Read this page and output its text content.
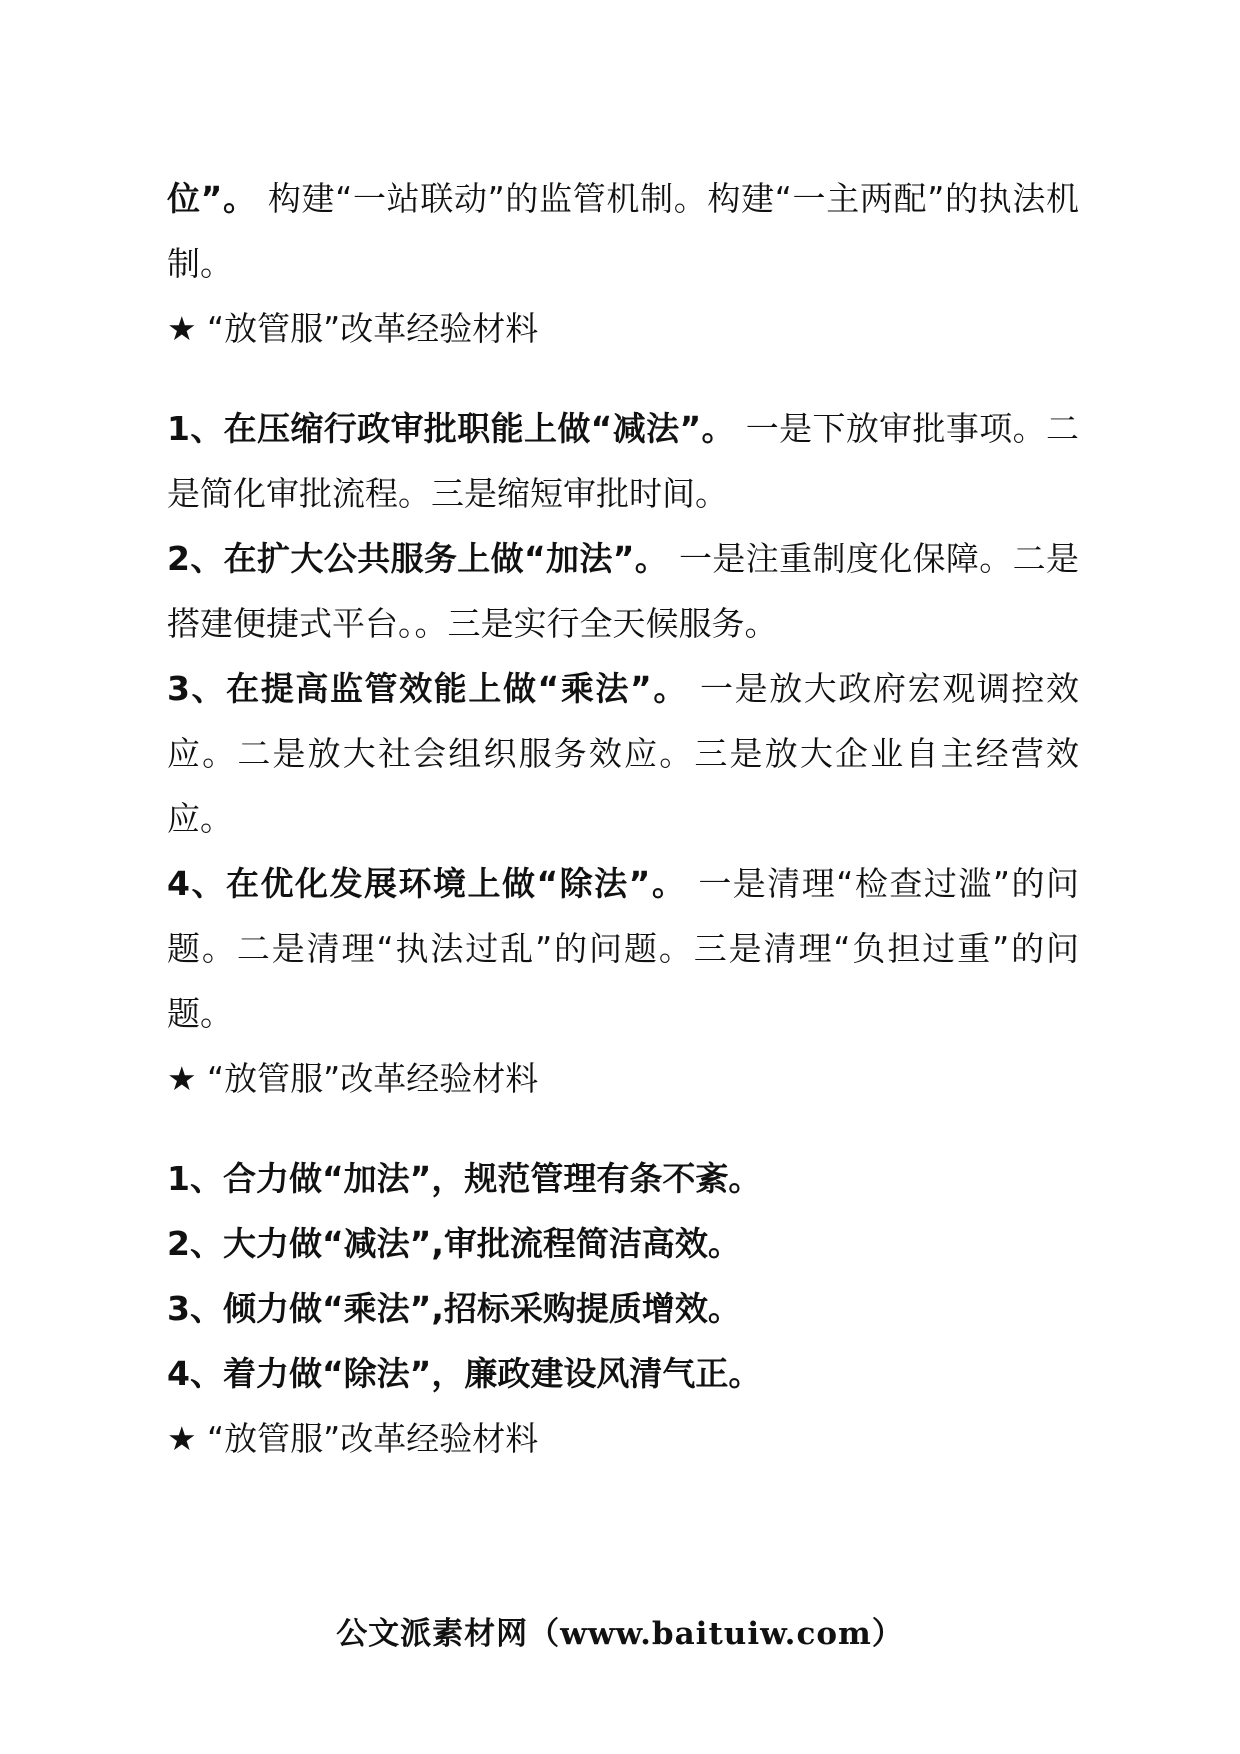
位”。 构建“一站联动”的监管机制。构建“一主两配”的执法机制。

★ “放管服”改革经验材料

1、在压缩行政审批职能上做“减法”。 一是下放审批事项。二是简化审批流程。三是缩短审批时间。

2、在扩大公共服务上做“加法”。 一是注重制度化保障。二是搭建便捷式平台。。三是实行全天候服务。

3、在提高监管效能上做“乘法”。 一是放大政府宏观调控效应。二是放大社会组织服务效应。三是放大企业自主经营效应。

4、在优化发展环境上做“除法”。 一是清理“检查过滥”的问题。二是清理“执法过乱”的问题。三是清理“负担过重”的问题。

★ “放管服”改革经验材料

1、合力做“加法”，规范管理有条不紊。

2、大力做“减法”,审批流程简洁高效。

3、倾力做“乘法”,招标采购提质增效。

4、着力做“除法”，廉政建设风清气正。

★ “放管服”改革经验材料

公文派素材网（www.baituiw.com）
